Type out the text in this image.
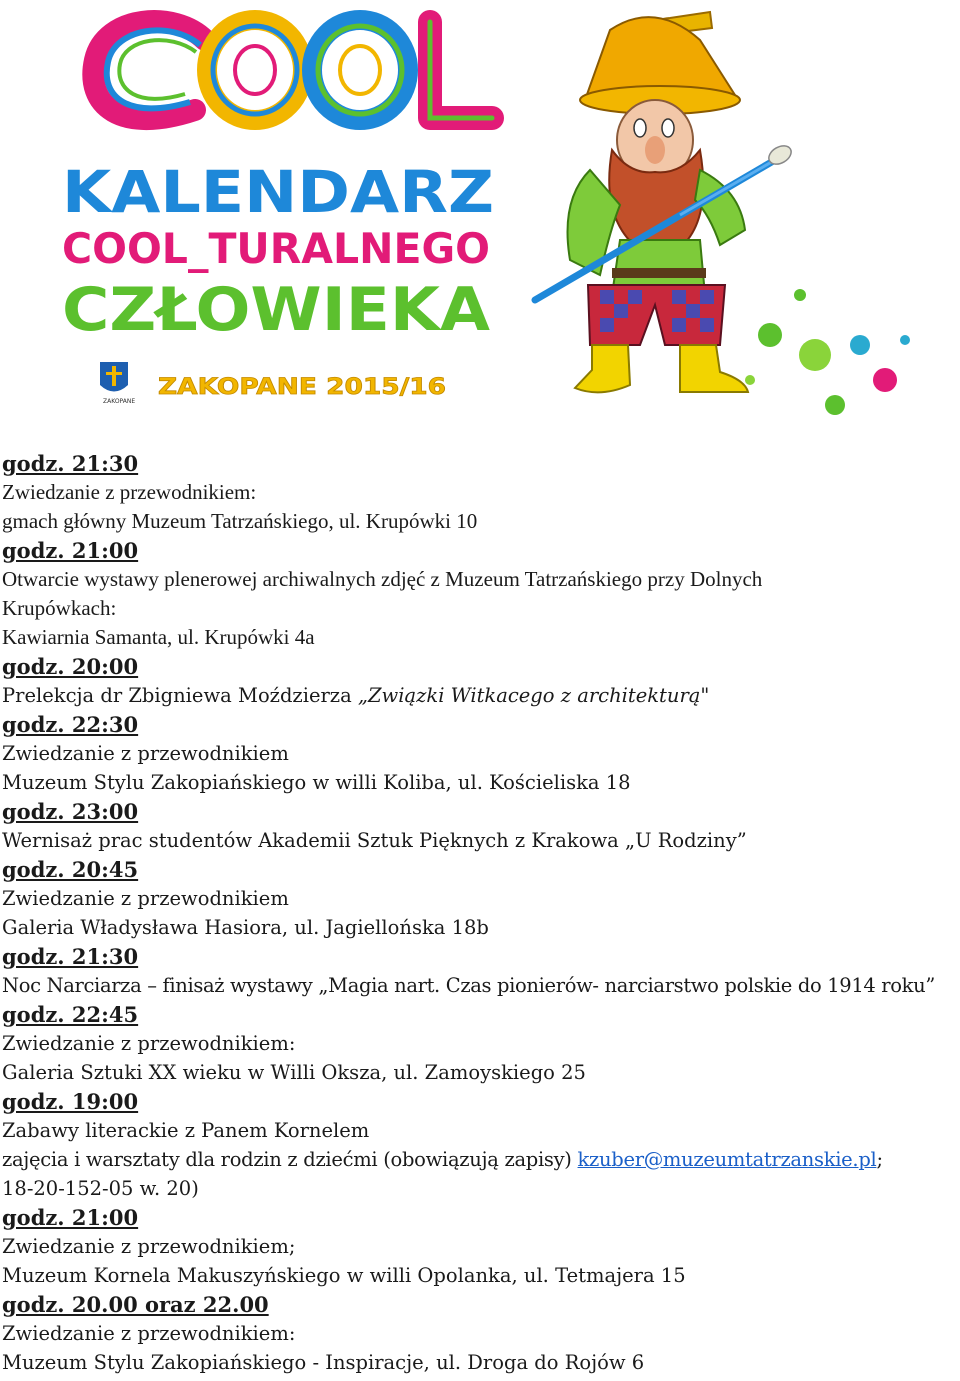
KALENDARZ
COOL_TURALNEGO
CZŁOWIEKA
ZAKOPANE
ZAKOPANE 2015/16
godz. 21:30
Zwiedzanie z przewodnikiem:
gmach główny Muzeum Tatrzańskiego, ul. Krupówki 10
godz. 21:00
Otwarcie wystawy plenerowej archiwalnych zdjęć z Muzeum Tatrzańskiego przy Dolnych
Krupówkach:
Kawiarnia Samanta, ul. Krupówki 4a
godz. 20:00
Prelekcja dr Zbigniewa Moździerza „Związki Witkacego z architekturą"
godz. 22:30
Zwiedzanie z przewodnikiem
Muzeum Stylu Zakopiańskiego w willi Koliba, ul. Kościeliska 18
godz. 23:00
Wernisaż prac studentów Akademii Sztuk Pięknych z Krakowa „U Rodziny”
godz. 20:45
Zwiedzanie z przewodnikiem
Galeria Władysława Hasiora, ul. Jagiellońska 18b
godz. 21:30
Noc Narciarza – finisaż wystawy „Magia nart. Czas pionierów- narciarstwo polskie do 1914 roku”
godz. 22:45
Zwiedzanie z przewodnikiem:
Galeria Sztuki XX wieku w Willi Oksza, ul. Zamoyskiego 25
godz. 19:00
Zabawy literackie z Panem Kornelem
zajęcia i warsztaty dla rodzin z dziećmi (obowiązują zapisy) kzuber@muzeumtatrzanskie.pl;
18-20-152-05 w. 20)
godz. 21:00
Zwiedzanie z przewodnikiem;
Muzeum Kornela Makuszyńskiego w willi Opolanka, ul. Tetmajera 15
godz. 20.00 oraz 22.00
Zwiedzanie z przewodnikiem:
Muzeum Stylu Zakopiańskiego - Inspiracje, ul. Droga do Rojów 6
